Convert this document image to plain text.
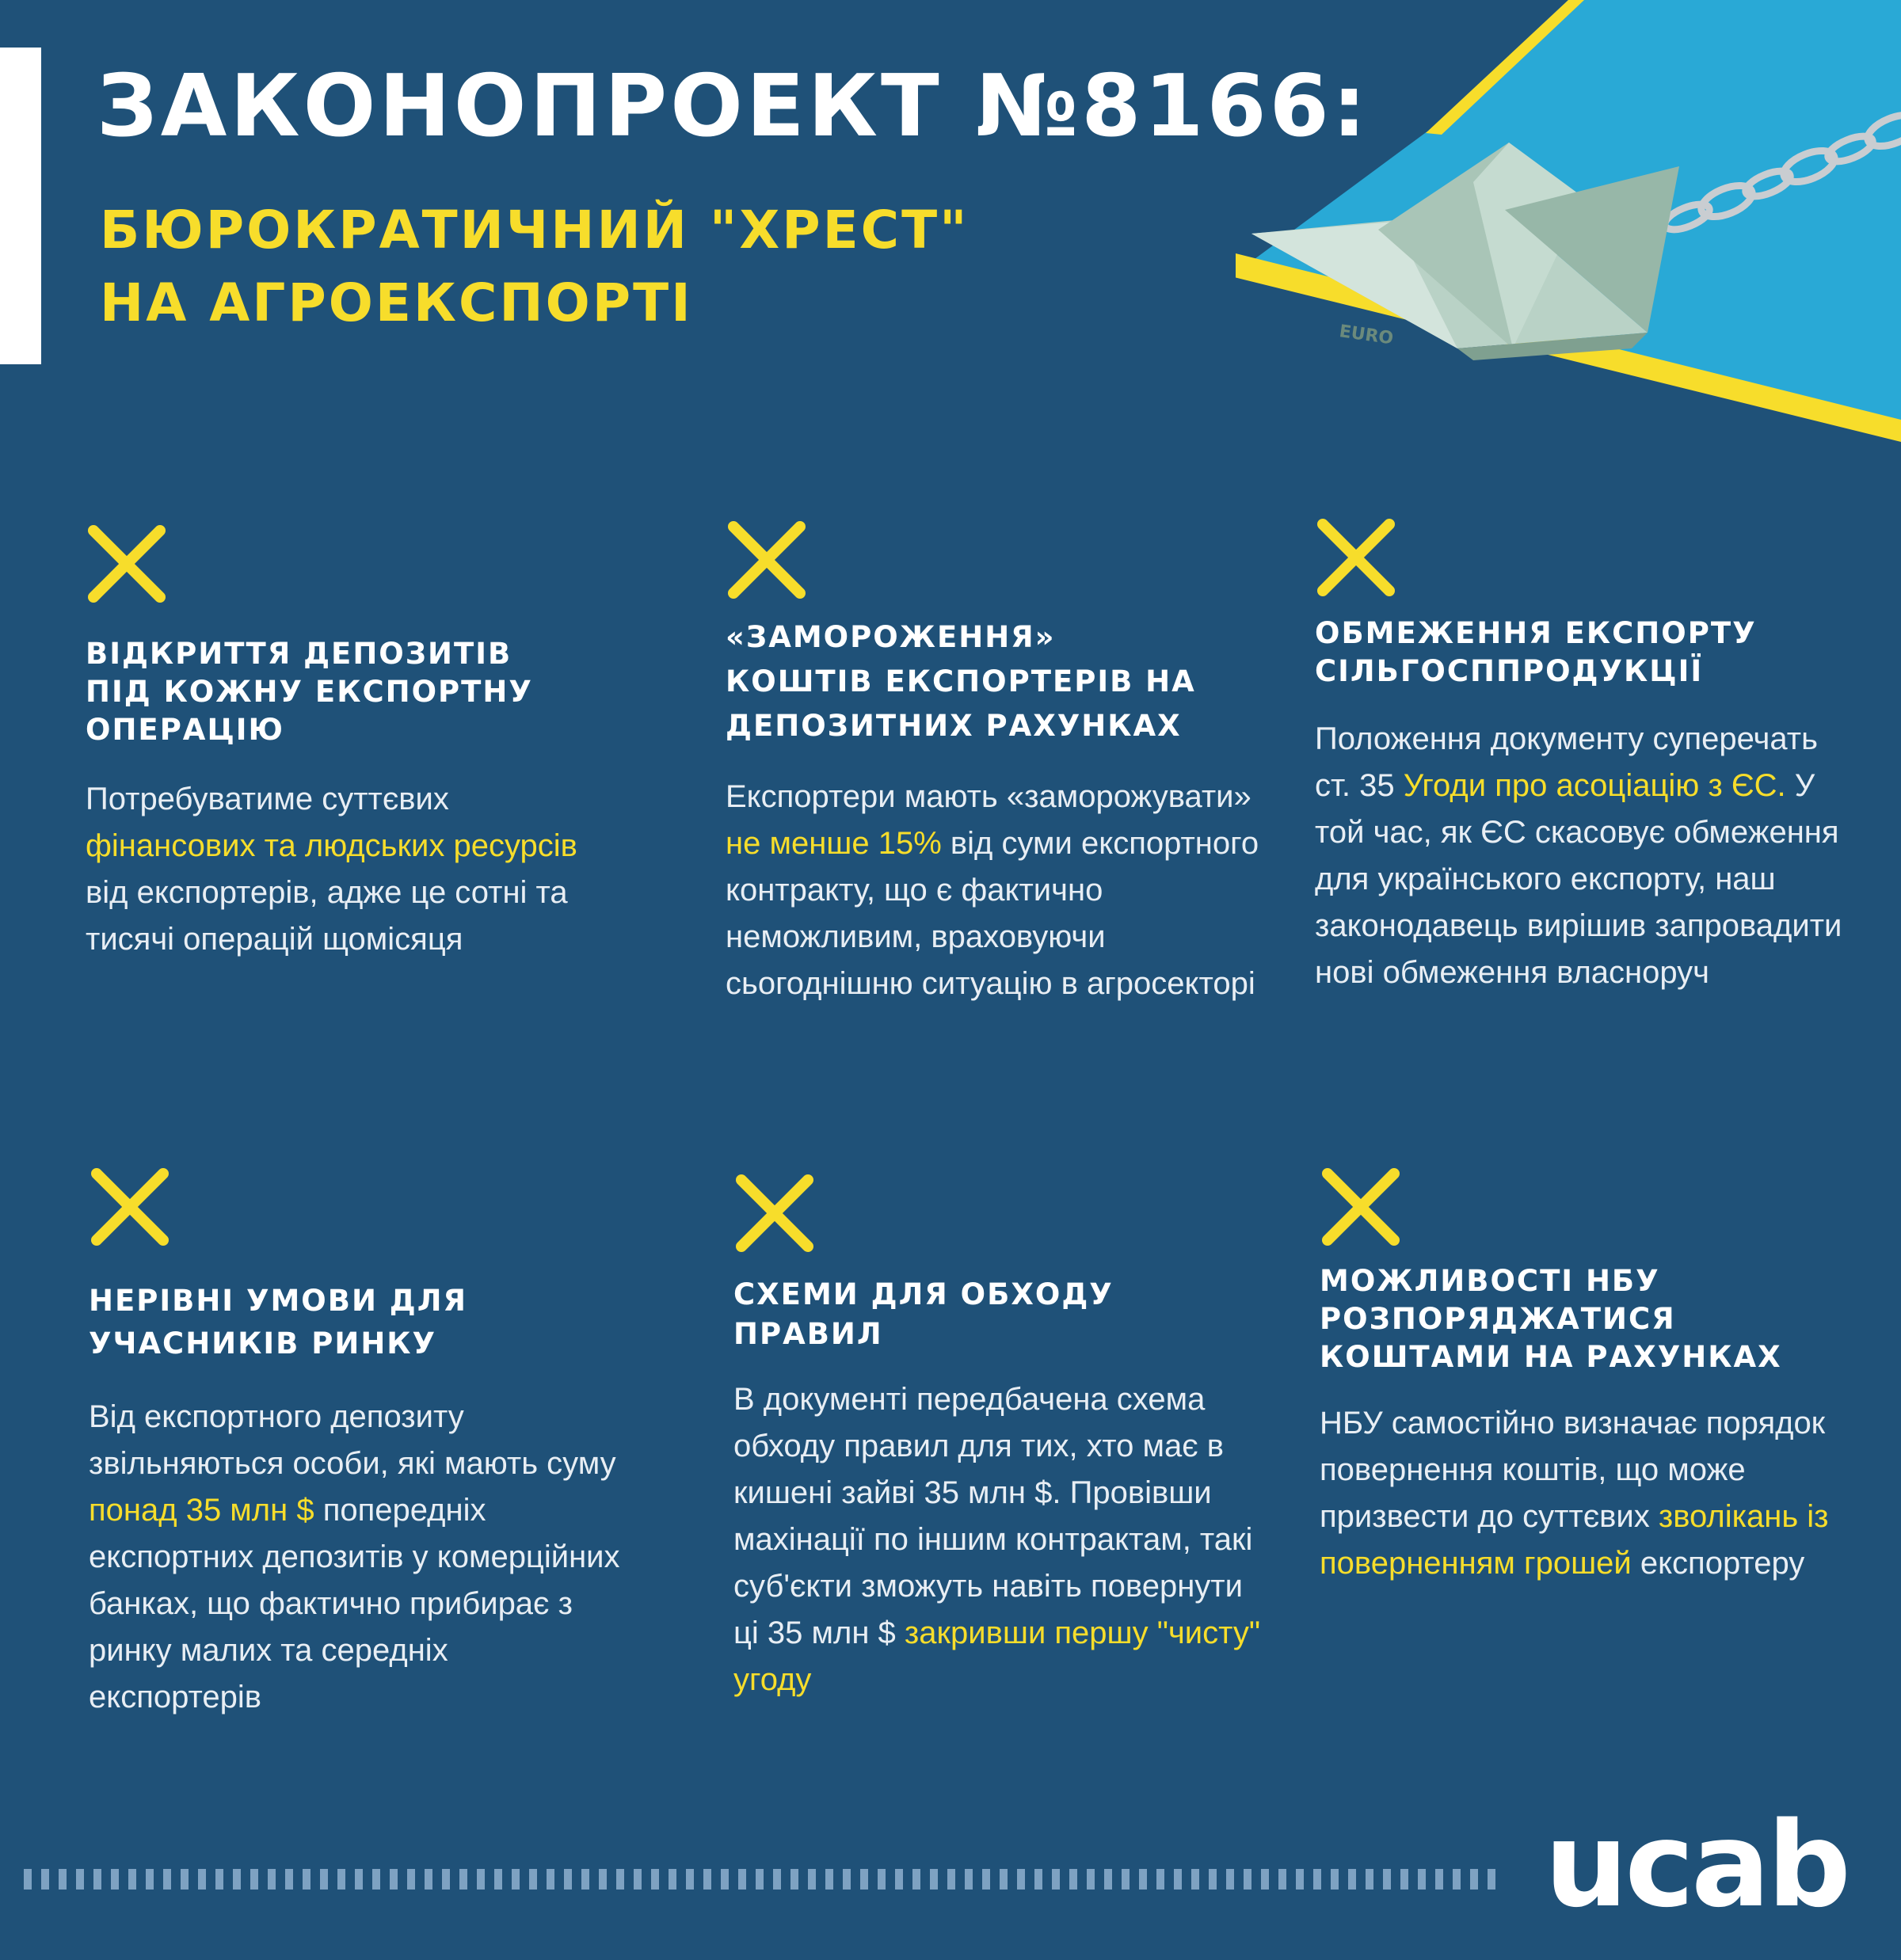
ЗАКОНОПРОЕКТ №8166:
БЮРОКРАТИЧНИЙ "ХРЕСТ"
НА АГРОЕКСПОРТІ
EURO
ВІДКРИТТЯ ДЕПОЗИТІВ
ПІД КОЖНУ ЕКСПОРТНУ
ОПЕРАЦІЮ

Потребуватиме суттєвих фінансових та людських ресурсів від експортерів, адже це сотні та тисячі операцій щомісяця

«ЗАМОРОЖЕННЯ»
КОШТІВ ЕКСПОРТЕРІВ НА
ДЕПОЗИТНИХ РАХУНКАХ

Експортери мають «заморожувати» не менше 15% від суми експортного контракту, що є фактично неможливим, враховуючи сьогоднішню ситуацію в агросекторі

ОБМЕЖЕННЯ ЕКСПОРТУ
СІЛЬГОСППРОДУКЦІЇ

Положення документу суперечать ст. 35 Угоди про асоціацію з ЄС. У той час, як ЄС скасовує обмеження для українського експорту, наш законодавець вирішив запровадити нові обмеження власноруч

НЕРІВНІ УМОВИ ДЛЯ
УЧАСНИКІВ РИНКУ

Від експортного депозиту звільняються особи, які мають суму понад 35 млн $ попередніх експортних депозитів у комерційних банках, що фактично прибирає з ринку малих та середніх експортерів

СХЕМИ ДЛЯ ОБХОДУ
ПРАВИЛ

В документі передбачена схема обходу правил для тих, хто має в кишені зайві 35 млн $. Провівши махінації по іншим контрактам, такі суб'єкти зможуть навіть повернути ці 35 млн $ закривши першу "чисту" угоду

МОЖЛИВОСТІ НБУ
РОЗПОРЯДЖАТИСЯ
КОШТАМИ НА РАХУНКАХ

НБУ самостійно визначає порядок повернення коштів, що може призвести до суттєвих зволікань із поверненням грошей експортеру

ucab
